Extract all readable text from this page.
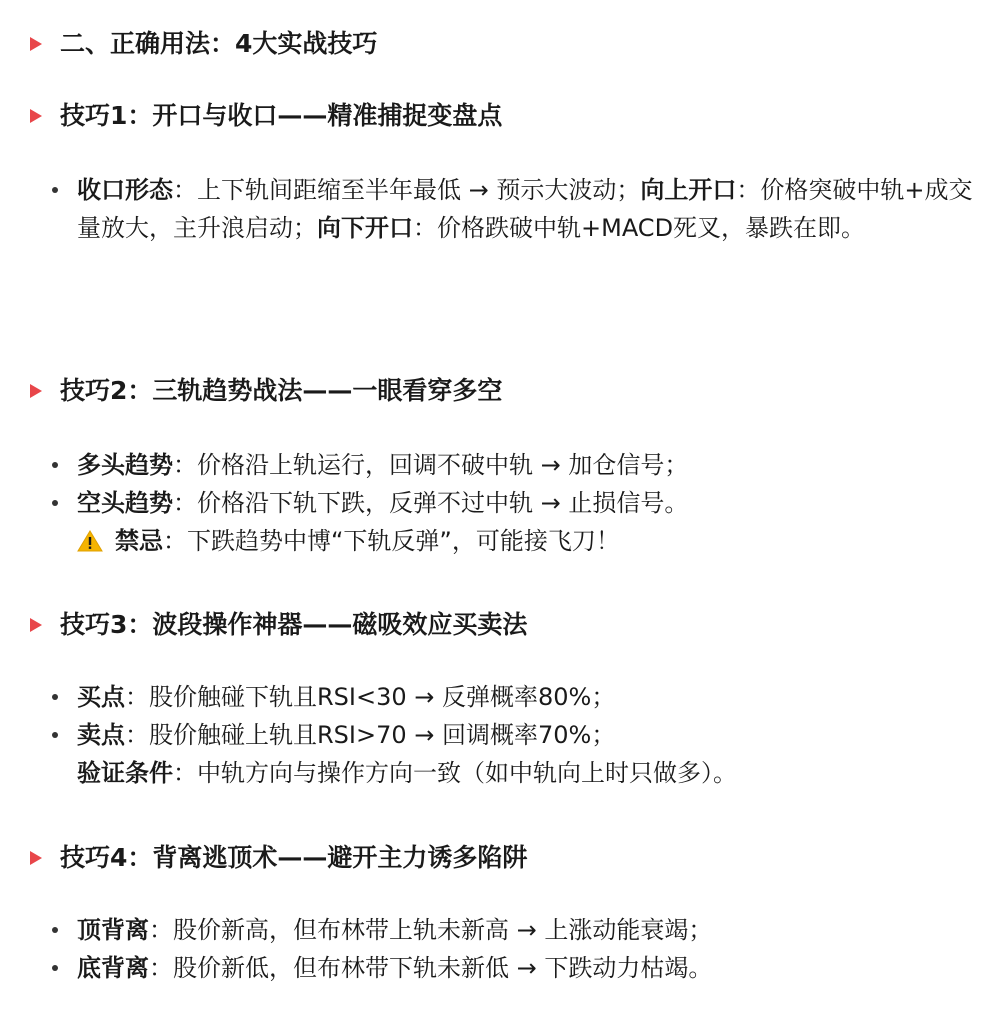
二、正确用法：4大实战技巧
技巧1：开口与收口——精准捕捉变盘点
收口形态：上下轨间距缩至半年最低 → 预示大波动；向上开口：价格突破中轨+成交量放大，主升浪启动；向下开口：价格跌破中轨+MACD死叉，暴跌在即。
技巧2：三轨趋势战法——一眼看穿多空
多头趋势：价格沿上轨运行，回调不破中轨 → 加仓信号；
空头趋势：价格沿下轨下跌，反弹不过中轨 → 止损信号。
禁忌：下跌趋势中博“下轨反弹”，可能接飞刀！
技巧3：波段操作神器——磁吸效应买卖法
买点：股价触碰下轨且RSI<30 → 反弹概率80%；
卖点：股价触碰上轨且RSI>70 → 回调概率70%；
验证条件：中轨方向与操作方向一致（如中轨向上时只做多）。
技巧4：背离逃顶术——避开主力诱多陷阱
顶背离：股价新高，但布林带上轨未新高 → 上涨动能衰竭；
底背离：股价新低，但布林带下轨未新低 → 下跌动力枯竭。
